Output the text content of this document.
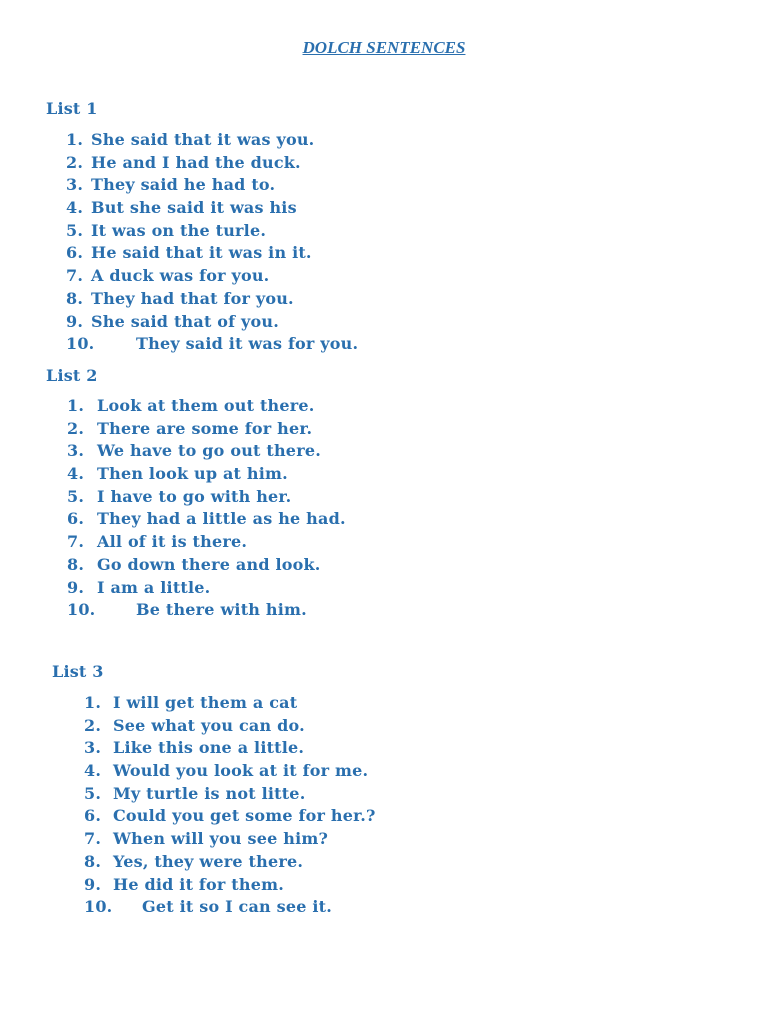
DOLCH SENTENCES

List 1

1. She said that it was you.
2. He and I had the duck.
3. They said he had to.
4. But she said it was his
5. It was on the turle.
6. He said that it was in it.
7. A duck was for you.
8. They had that for you.
9. She said that of you.
10.	They said it was for you.

List 2

1. Look at them out there.
2. There are some for her.
3. We have to go out there.
4. Then look up at him.
5. I have to go with her.
6. They had a little as he had.
7. All of it is there.
8. Go down there and look.
9. I am a little.
10.	Be there with him.

List 3

1. I will get them a cat
2. See what you can do.
3. Like this one a little.
4. Would you look at it for me.
5. My turtle is not litte.
6. Could you get some for her.?
7. When will you see him?
8. Yes, they were there.
9. He did it for them.
10. Get it so I can see it.
